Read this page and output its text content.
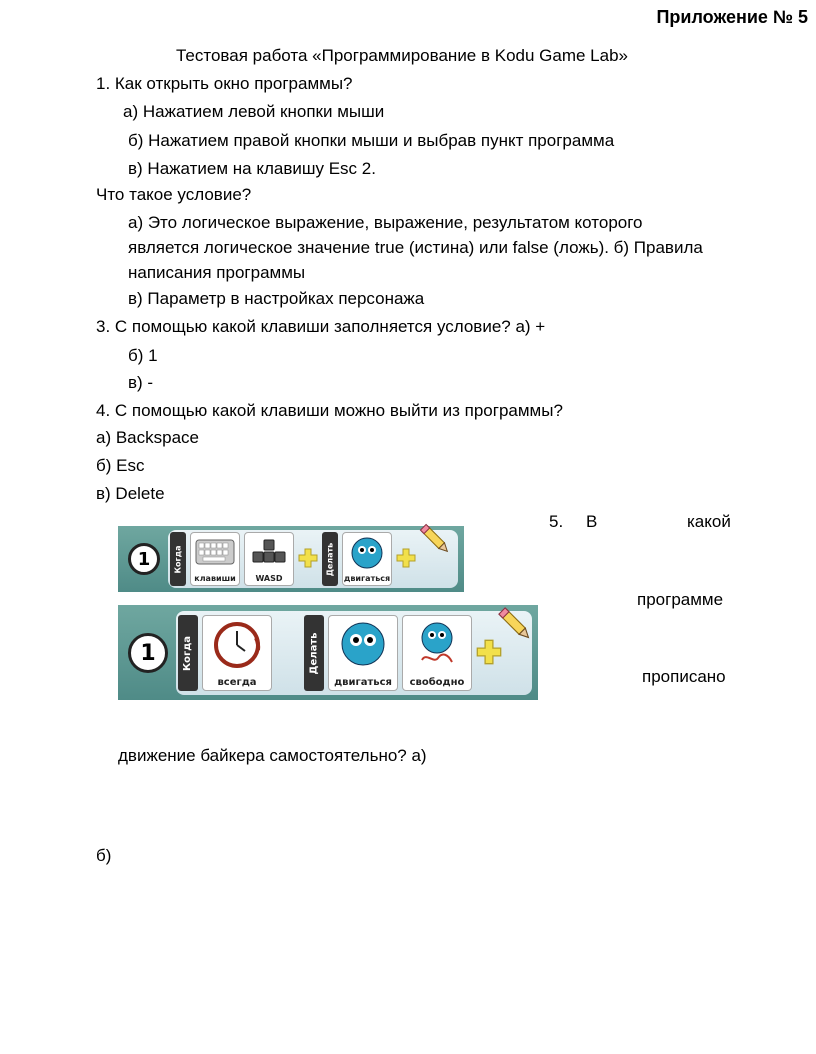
Приложение № 5
Тестовая работа «Программирование в Kodu Game Lab»
1. Как открыть окно программы?
а) Нажатием левой кнопки мыши
б) Нажатием правой кнопки мыши и выбрав пункт программа
в) Нажатием на клавишу Esc 2.
Что такое условие?
а) Это логическое выражение, выражение, результатом которого
является логическое значение true (истина) или false (ложь). б) Правила
написания программы
в) Параметр в настройках персонажа
3. С помощью какой клавиши заполняется условие? а) +
б) 1
в) -
4. С помощью какой клавиши можно выйти из программы?
а) Backspace
б) Esc
в) Delete
5. В	какой
программе
прописано
движение байкера самостоятельно? а)
б)
1	Когда
клавиши	WASD
Делать
двигаться
1	Когда
всегда
Делать
двигаться	свободно
